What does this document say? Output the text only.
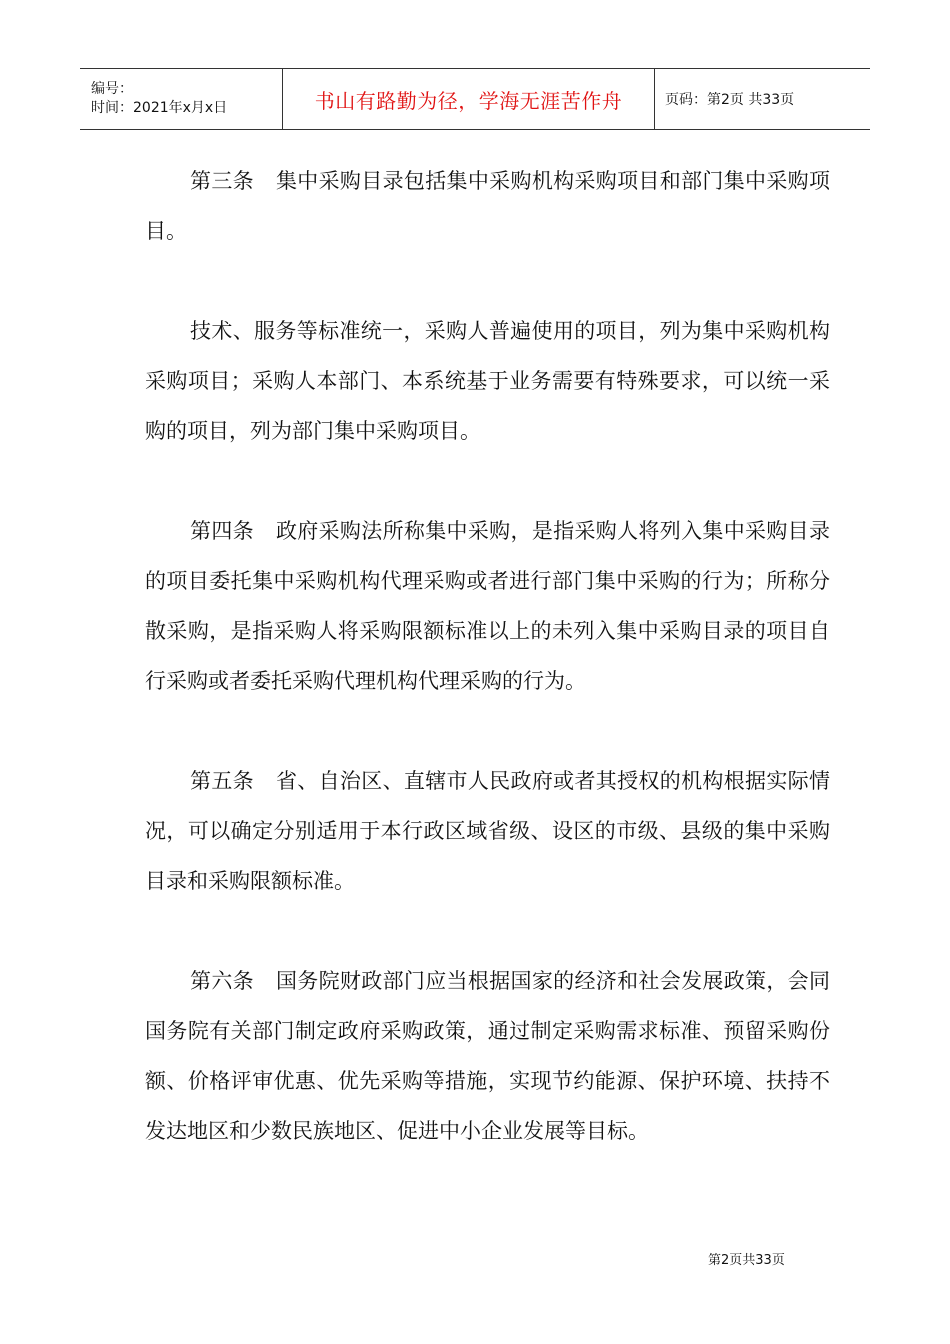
编号：
时间：2021年x月x日	书山有路勤为径，学海无涯苦作舟	页码：第2页 共33页

第三条 集中采购目录包括集中采购机构采购项目和部门集中采购项目。

技术、服务等标准统一，采购人普遍使用的项目，列为集中采购机构采购项目；采购人本部门、本系统基于业务需要有特殊要求，可以统一采购的项目，列为部门集中采购项目。

第四条 政府采购法所称集中采购，是指采购人将列入集中采购目录的项目委托集中采购机构代理采购或者进行部门集中采购的行为；所称分散采购，是指采购人将采购限额标准以上的未列入集中采购目录的项目自行采购或者委托采购代理机构代理采购的行为。

第五条 省、自治区、直辖市人民政府或者其授权的机构根据实际情况，可以确定分别适用于本行政区域省级、设区的市级、县级的集中采购目录和采购限额标准。

第六条 国务院财政部门应当根据国家的经济和社会发展政策，会同国务院有关部门制定政府采购政策，通过制定采购需求标准、预留采购份额、价格评审优惠、优先采购等措施，实现节约能源、保护环境、扶持不发达地区和少数民族地区、促进中小企业发展等目标。

第2页共33页
